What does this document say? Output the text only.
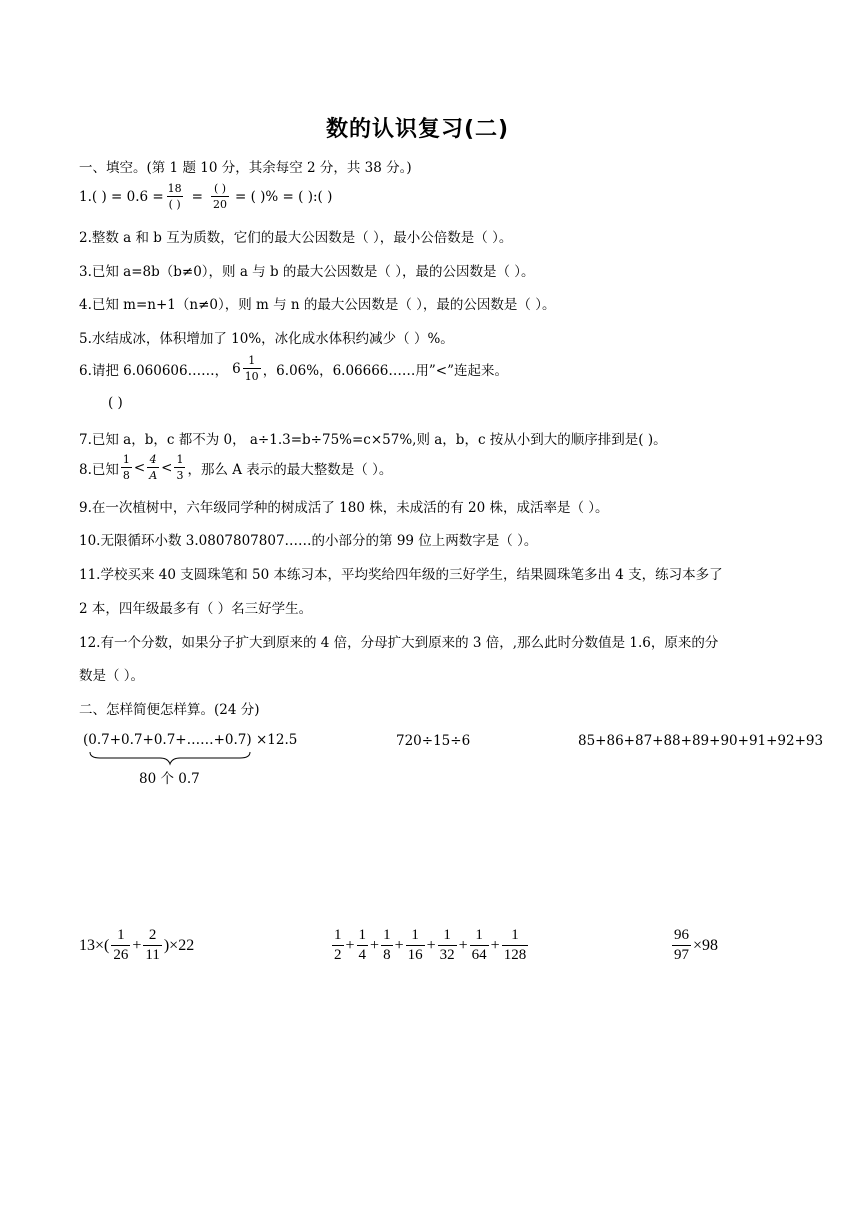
数的认识复习(二)
一、填空。(第 1 题 10 分，其余每空 2 分，共 38 分。)
1.( ) = $0.6 = \frac{18}{( )} = \frac{( )}{20}$ = ( )% = ( ):( )
2.整数 a 和 b 互为质数，它们的最大公因数是（ ），最小公倍数是（ ）。
3.已知 a=8b（b≠0），则 a 与 b 的最大公因数是（ ），最的公因数是（ ）。
4.已知 m=n+1（n≠0），则 m 与 n 的最大公因数是（ ），最的公因数是（ ）。
5.水结成冰，体积增加了 10%，冰化成水体积约减少（ ）%。
6.请把 6.060606……， $6 \frac{1}{10}$ ，6.06%，6.06666……用”<”连起来。
( )
7.已知 a，b，c 都不为 0， a÷1.3=b÷75%=c×57%,则 a，b，c 按从小到大的顺序排到是( )。
8.已知 $\frac{1}{8} < \frac{4}{A} < \frac{1}{3}$ ，那么 A 表示的最大整数是（ ）。
9.在一次植树中，六年级同学种的树成活了 180 株，未成活的有 20 株，成活率是（ ）。
10.无限循环小数 3.0807807807……的小部分的第 99 位上两数字是（ ）。
11.学校买来 40 支圆珠笔和 50 本练习本，平均奖给四年级的三好学生，结果圆珠笔多出 4 支，练习本多了
2 本，四年级最多有（ ）名三好学生。
12.有一个分数，如果分子扩大到原来的 4 倍，分母扩大到原来的 3 倍，,那么此时分数值是 1.6，原来的分
数是（ ）。
二、怎样简便怎样算。(24 分)
(0.7+0.7+0.7+……+0.7) ×12.5
80 个 0.7
720÷15÷6	85+86+87+88+89+90+91+92+93
$13\times( \frac{1}{26} + \frac{2}{11} )\times 22$	$\frac{1}{2} + \frac{1}{4} + \frac{1}{8} + \frac{1}{16} + \frac{1}{32} + \frac{1}{64} + \frac{1}{128}$	$\frac{96}{97} \times 98$
